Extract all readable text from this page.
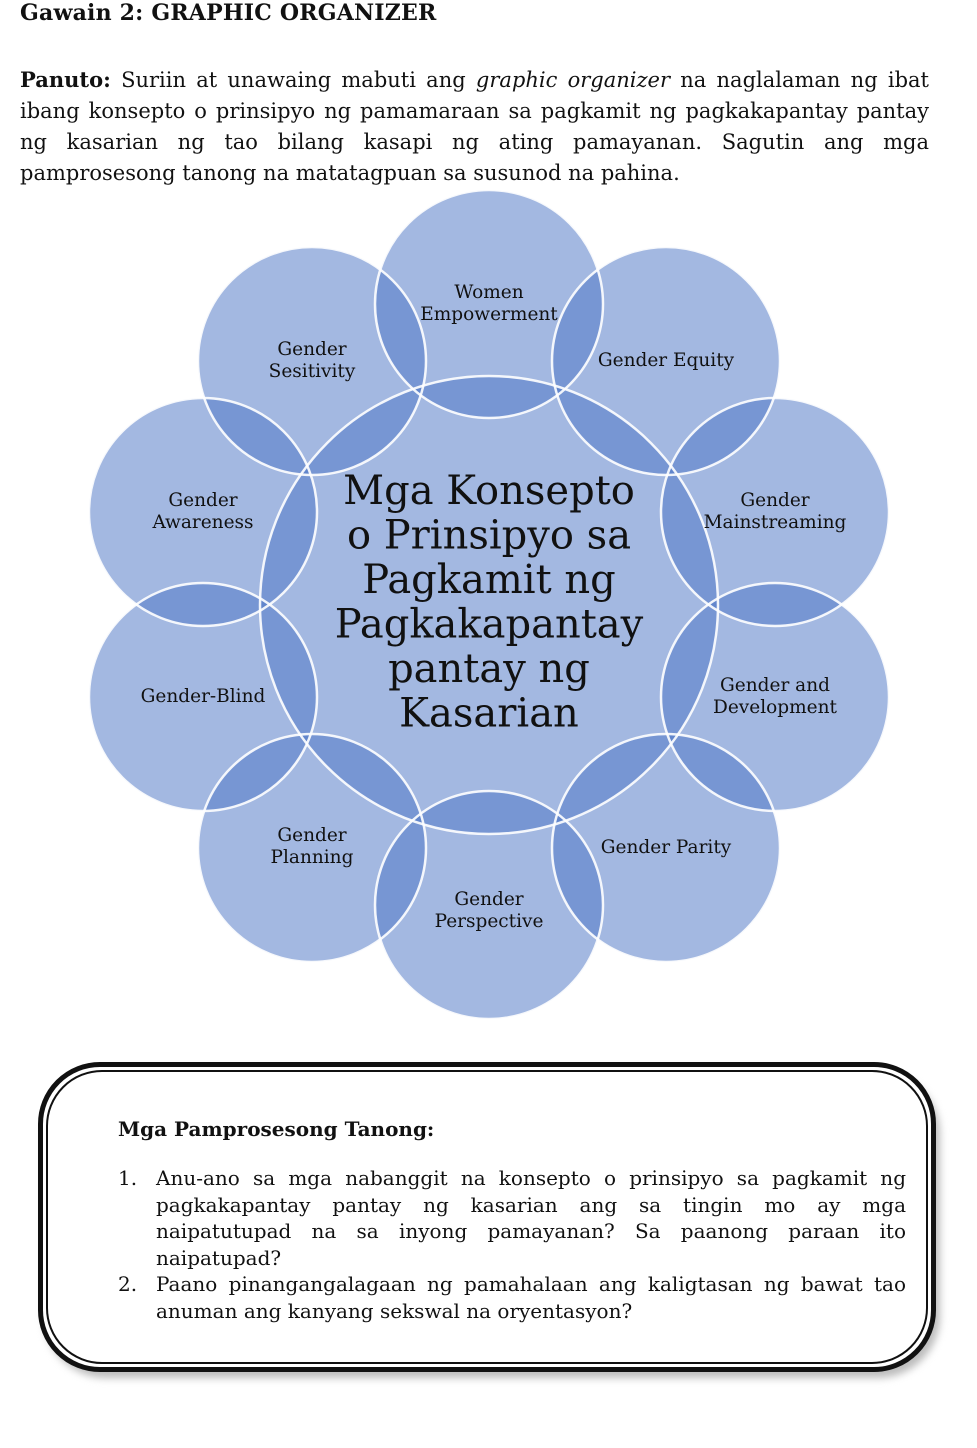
Gawain 2: GRAPHIC ORGANIZER
Panuto: Suriin at unawaing mabuti ang graphic organizer na naglalaman ng ibat ibang konsepto o prinsipyo ng pamamaraan sa pagkamit ng pagkakapantay pantay ng kasarian ng tao bilang kasapi ng ating pamayanan. Sagutin ang mga pamprosesong tanong na matatagpuan sa susunod na pahina.
Mga Konsepto o Prinsipyo sa Pagkamit ng Pagkakapantay pantay ng Kasarian
Women Empowerment
Gender Equity
Gender Mainstreaming
Gender and Development
Gender Parity
Gender Perspective
Gender Planning
Gender-Blind
Gender Awareness
Gender Sesitivity
Mga Pamprosesong Tanong:
1. Anu-ano sa mga nabanggit na konsepto o prinsipyo sa pagkamit ng pagkakapantay pantay ng kasarian ang sa tingin mo ay mga naipatutupad na sa inyong pamayanan? Sa paanong paraan ito naipatupad?
2. Paano pinangangalagaan ng pamahalaan ang kaligtasan ng bawat tao anuman ang kanyang sekswal na oryentasyon?
